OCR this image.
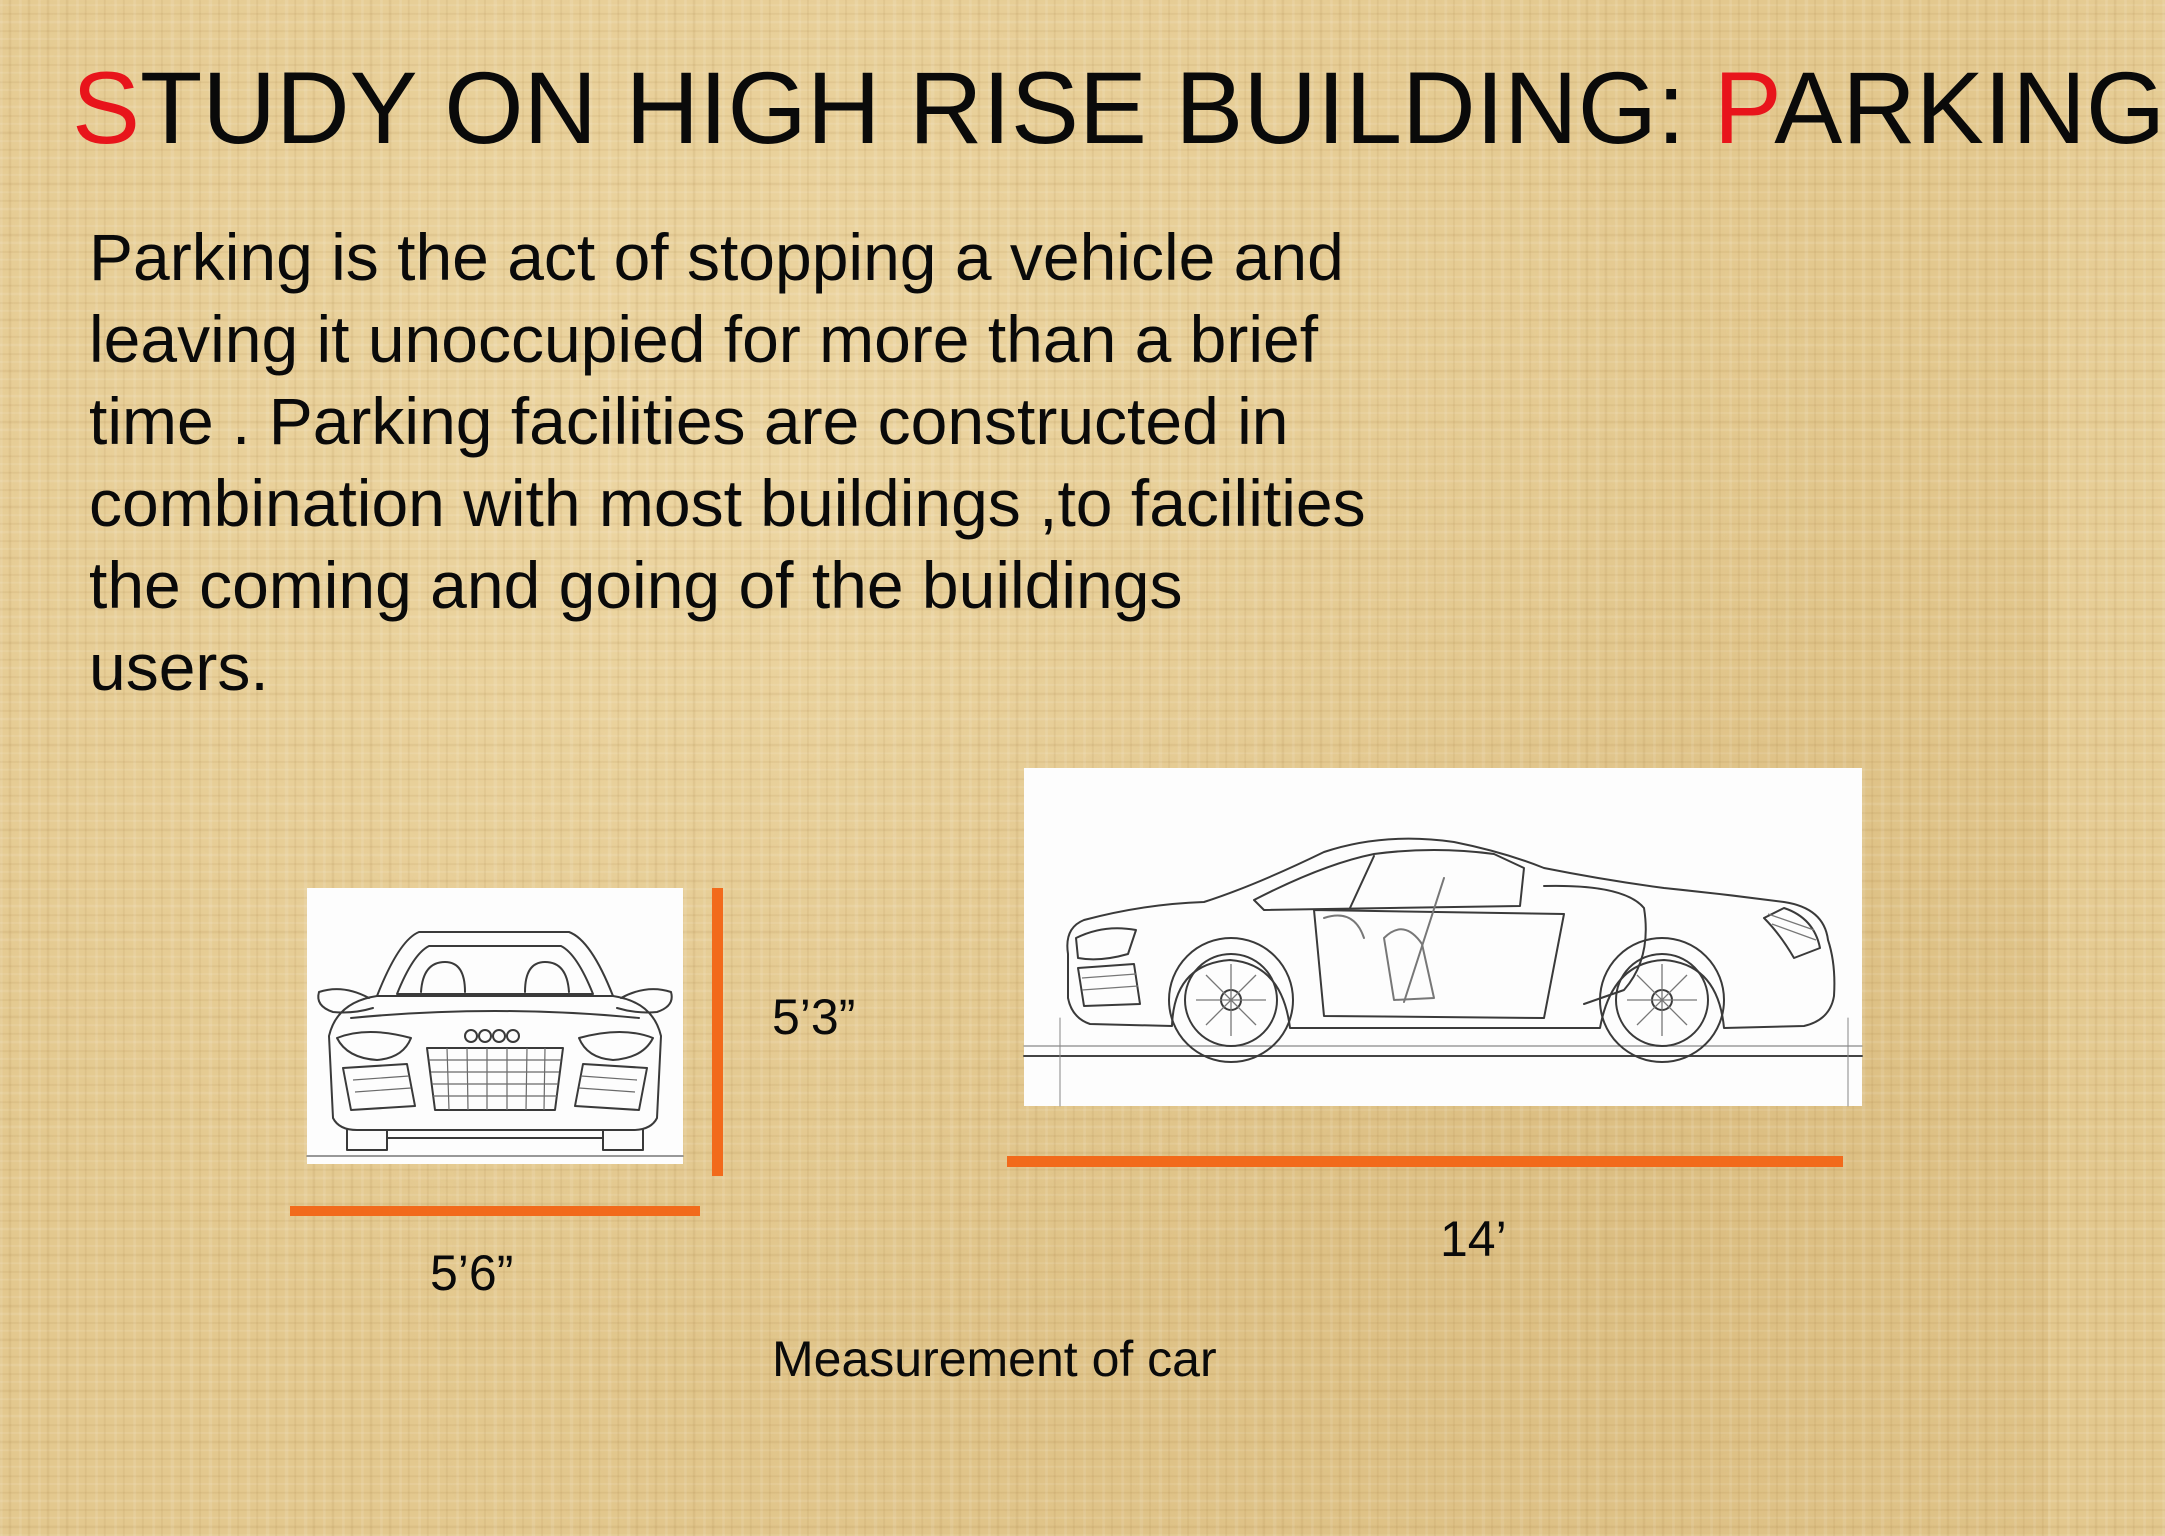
STUDY ON HIGH RISE BUILDING: PARKING

Parking is the act of stopping a vehicle and
leaving it unoccupied for more than a brief
time . Parking facilities are constructed in
combination with most buildings ,to facilities
the coming and going of the buildings
users.

5’3”
5’6”
14’
Measurement of car
